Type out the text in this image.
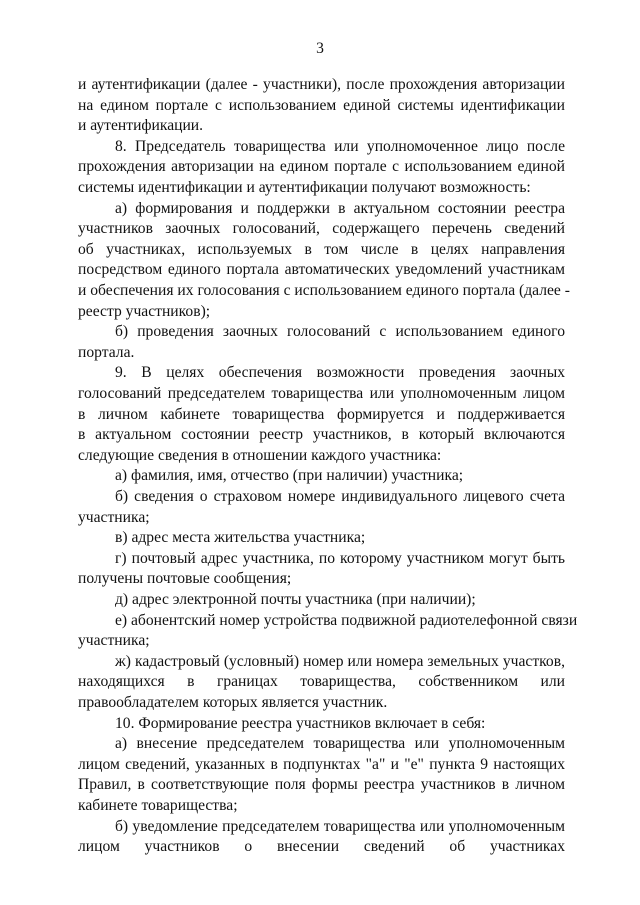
3
и аутентификации (далее - участники), после прохождения авторизации
на едином портале с использованием единой системы идентификации
и аутентификации.
8. Председатель товарищества или уполномоченное лицо после
прохождения авторизации на едином портале с использованием единой
системы идентификации и аутентификации получают возможность:
а) формирования и поддержки в актуальном состоянии реестра
участников заочных голосований, содержащего перечень сведений
об участниках, используемых в том числе в целях направления
посредством единого портала автоматических уведомлений участникам
и обеспечения их голосования с использованием единого портала (далее -
реестр участников);
б) проведения заочных голосований с использованием единого
портала.
9. В целях обеспечения возможности проведения заочных
голосований председателем товарищества или уполномоченным лицом
в личном кабинете товарищества формируется и поддерживается
в актуальном состоянии реестр участников, в который включаются
следующие сведения в отношении каждого участника:
а) фамилия, имя, отчество (при наличии) участника;
б) сведения о страховом номере индивидуального лицевого счета
участника;
в) адрес места жительства участника;
г) почтовый адрес участника, по которому участником могут быть
получены почтовые сообщения;
д) адрес электронной почты участника (при наличии);
е) абонентский номер устройства подвижной радиотелефонной связи
участника;
ж) кадастровый (условный) номер или номера земельных участков,
находящихся в границах товарищества, собственником или
правообладателем которых является участник.
10. Формирование реестра участников включает в себя:
а) внесение председателем товарищества или уполномоченным
лицом сведений, указанных в подпунктах "а" и "е" пункта 9 настоящих
Правил, в соответствующие поля формы реестра участников в личном
кабинете товарищества;
б) уведомление председателем товарищества или уполномоченным
лицом участников о внесении сведений об участниках
